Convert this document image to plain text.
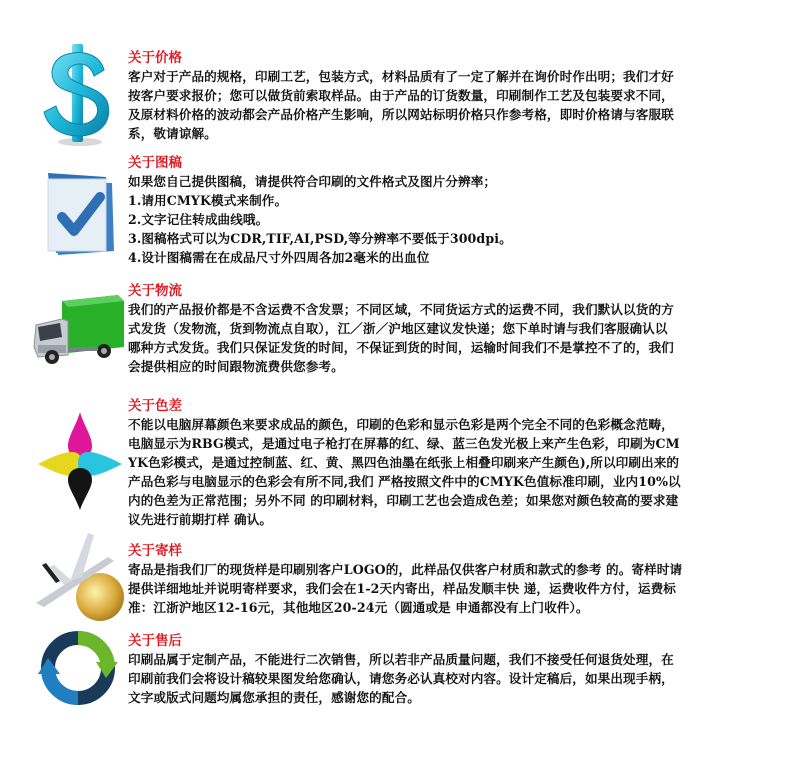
关于价格
客户对于产品的规格，印刷工艺，包装方式，材料品质有了一定了解并在询价时作出明；我们才好
按客户要求报价；您可以做货前索取样品。由于产品的订货数量，印刷制作工艺及包装要求不同，
及原材料价格的波动都会产品价格产生影响，所以网站标明价格只作参考格，即时价格请与客服联
系，敬请谅解。
关于图稿
如果您自己提供图稿，请提供符合印刷的文件格式及图片分辨率；
1.请用CMYK模式来制作。
2.文字记住转成曲线哦。
3.图稿格式可以为CDR,TIF,AI,PSD,等分辨率不要低于300dpi。
4.设计图稿需在在成品尺寸外四周各加2毫米的出血位
关于物流
我们的产品报价都是不含运费不含发票；不同区域，不同货运方式的运费不同，我们默认以货的方
式发货（发物流，货到物流点自取），江／浙／沪地区建议发快递；您下单时请与我们客服确认以
哪种方式发货。我们只保证发货的时间，不保证到货的时间，运输时间我们不是掌控不了的，我们
会提供相应的时间跟物流费供您参考。
关于色差
不能以电脑屏幕颜色来要求成品的颜色，印刷的色彩和显示色彩是两个完全不同的色彩概念范畴，
电脑显示为RBG模式，是通过电子枪打在屏幕的红、绿、蓝三色发光极上来产生色彩，印刷为CM
YK色彩模式，是通过控制蓝、红、黄、黑四色油墨在纸张上相叠印刷来产生颜色),所以印刷出来的
产品色彩与电脑显示的色彩会有所不同,我们 严格按照文件中的CMYK色值标准印刷，业内10%以
内的色差为正常范围；另外不同 的印刷材料，印刷工艺也会造成色差；如果您对颜色较高的要求建
议先进行前期打样 确认。
关于寄样
寄品是指我们厂的现货样是印刷别客户LOGO的，此样品仅供客户材质和款式的参考 的。寄样时请
提供详细地址并说明寄样要求，我们会在1-2天内寄出，样品发顺丰快 递，运费收件方付，运费标
准：江浙沪地区12-16元，其他地区20-24元（圆通或是 申通都没有上门收件）。
关于售后
印刷品属于定制产品，不能进行二次销售，所以若非产品质量问题，我们不接受任何退货处理，在
印刷前我们会将设计稿较果图发给您确认，请您务必认真校对内容。设计定稿后，如果出现手柄，
文字或版式问题均属您承担的责任，感谢您的配合。
